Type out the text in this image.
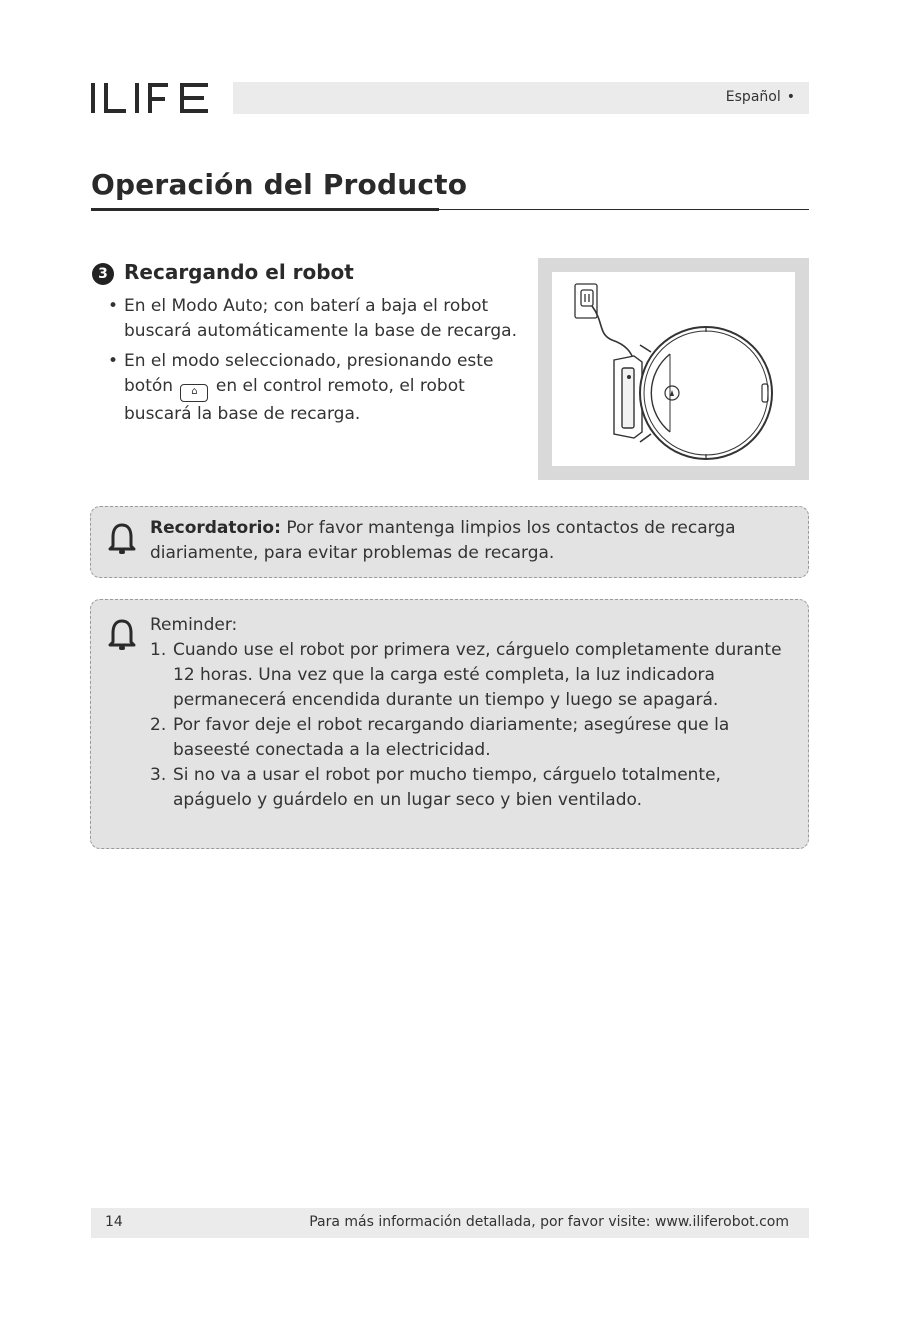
Español •
Operación del Producto
3 Recargando el robot
• En el Modo Auto; con baterí a baja el robot buscará automáticamente la base de recarga.
• En el modo seleccionado, presionando este botón ⌂ en el control remoto, el robot buscará la base de recarga.
Recordatorio: Por favor mantenga limpios los contactos de recarga diariamente, para evitar problemas de recarga.
Reminder:
1. Cuando use el robot por primera vez, cárguelo completamente durante 12 horas. Una vez que la carga esté completa, la luz indicadora permanecerá encendida durante un tiempo y luego se apagará.
2. Por favor deje el robot recargando diariamente; asegúrese que la baseesté conectada a la electricidad.
3. Si no va a usar el robot por mucho tiempo, cárguelo totalmente, apáguelo y guárdelo en un lugar seco y bien ventilado.
14	Para más información detallada, por favor visite: www.iliferobot.com
